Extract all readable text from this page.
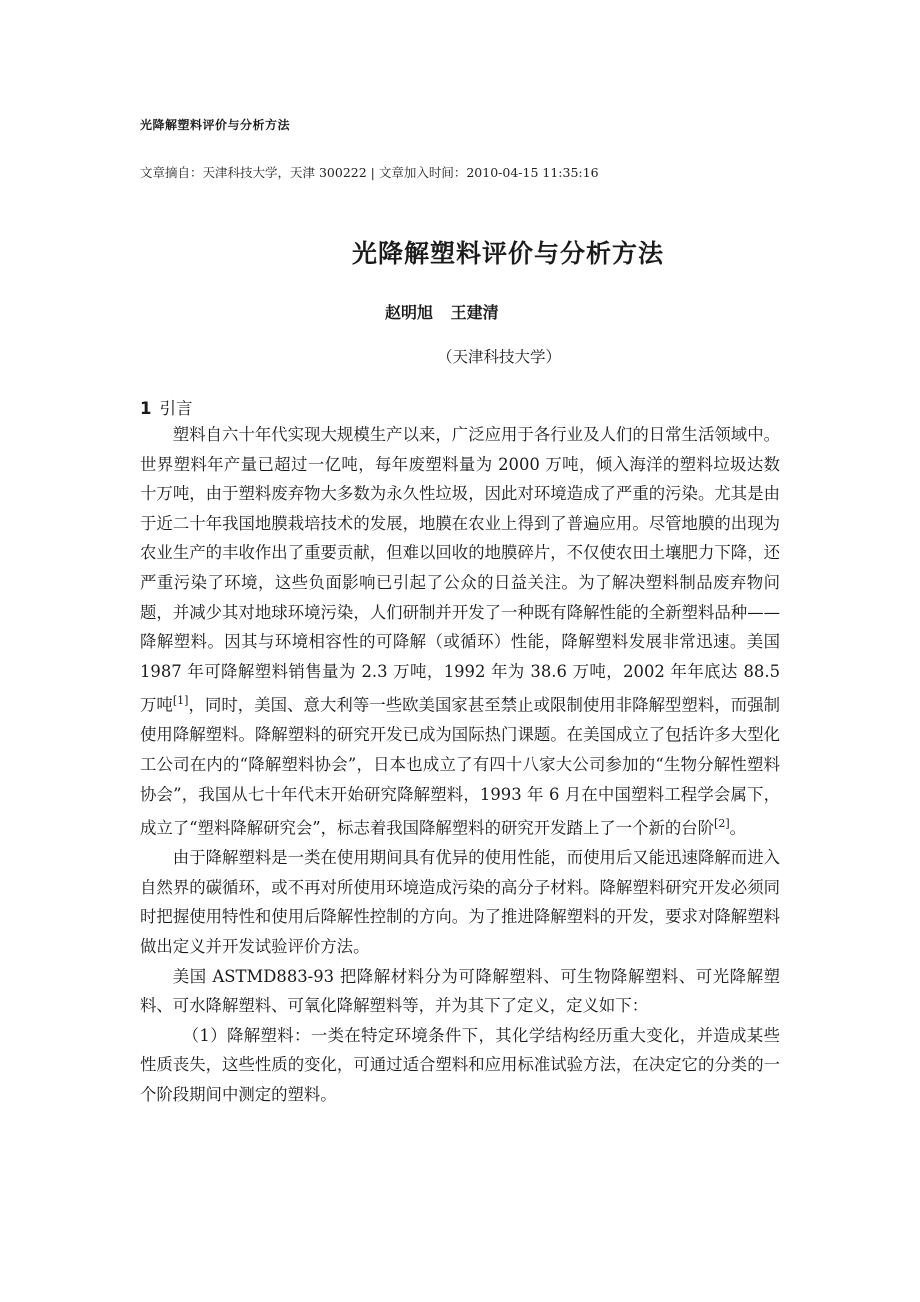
光降解塑料评价与分析方法
文章摘自：天津科技大学，天津 300222 | 文章加入时间：2010-04-15 11:35:16
光降解塑料评价与分析方法
赵明旭 王建清
（天津科技大学）
1 引言

塑料自六十年代实现大规模生产以来，广泛应用于各行业及人们的日常生活领域中。世界塑料年产量已超过一亿吨，每年废塑料量为 2000 万吨，倾入海洋的塑料垃圾达数十万吨，由于塑料废弃物大多数为永久性垃圾，因此对环境造成了严重的污染。尤其是由于近二十年我国地膜栽培技术的发展，地膜在农业上得到了普遍应用。尽管地膜的出现为农业生产的丰收作出了重要贡献，但难以回收的地膜碎片，不仅使农田土壤肥力下降，还严重污染了环境，这些负面影响已引起了公众的日益关注。为了解决塑料制品废弃物问题，并减少其对地球环境污染，人们研制并开发了一种既有降解性能的全新塑料品种——降解塑料。因其与环境相容性的可降解（或循环）性能，降解塑料发展非常迅速。美国 1987 年可降解塑料销售量为 2.3 万吨，1992 年为 38.6 万吨，2002 年年底达 88.5 万吨[1]，同时，美国、意大利等一些欧美国家甚至禁止或限制使用非降解型塑料，而强制使用降解塑料。降解塑料的研究开发已成为国际热门课题。在美国成立了包括许多大型化工公司在内的“降解塑料协会”，日本也成立了有四十八家大公司参加的“生物分解性塑料协会”，我国从七十年代末开始研究降解塑料，1993 年 6 月在中国塑料工程学会属下，成立了“塑料降解研究会”，标志着我国降解塑料的研究开发踏上了一个新的台阶[2]。

由于降解塑料是一类在使用期间具有优异的使用性能，而使用后又能迅速降解而进入自然界的碳循环，或不再对所使用环境造成污染的高分子材料。降解塑料研究开发必须同时把握使用特性和使用后降解性控制的方向。为了推进降解塑料的开发，要求对降解塑料做出定义并开发试验评价方法。

美国 ASTMD883-93 把降解材料分为可降解塑料、可生物降解塑料、可光降解塑料、可水降解塑料、可氧化降解塑料等，并为其下了定义，定义如下：

（1）降解塑料：一类在特定环境条件下，其化学结构经历重大变化，并造成某些性质丧失，这些性质的变化，可通过适合塑料和应用标准试验方法，在决定它的分类的一个阶段期间中测定的塑料。
